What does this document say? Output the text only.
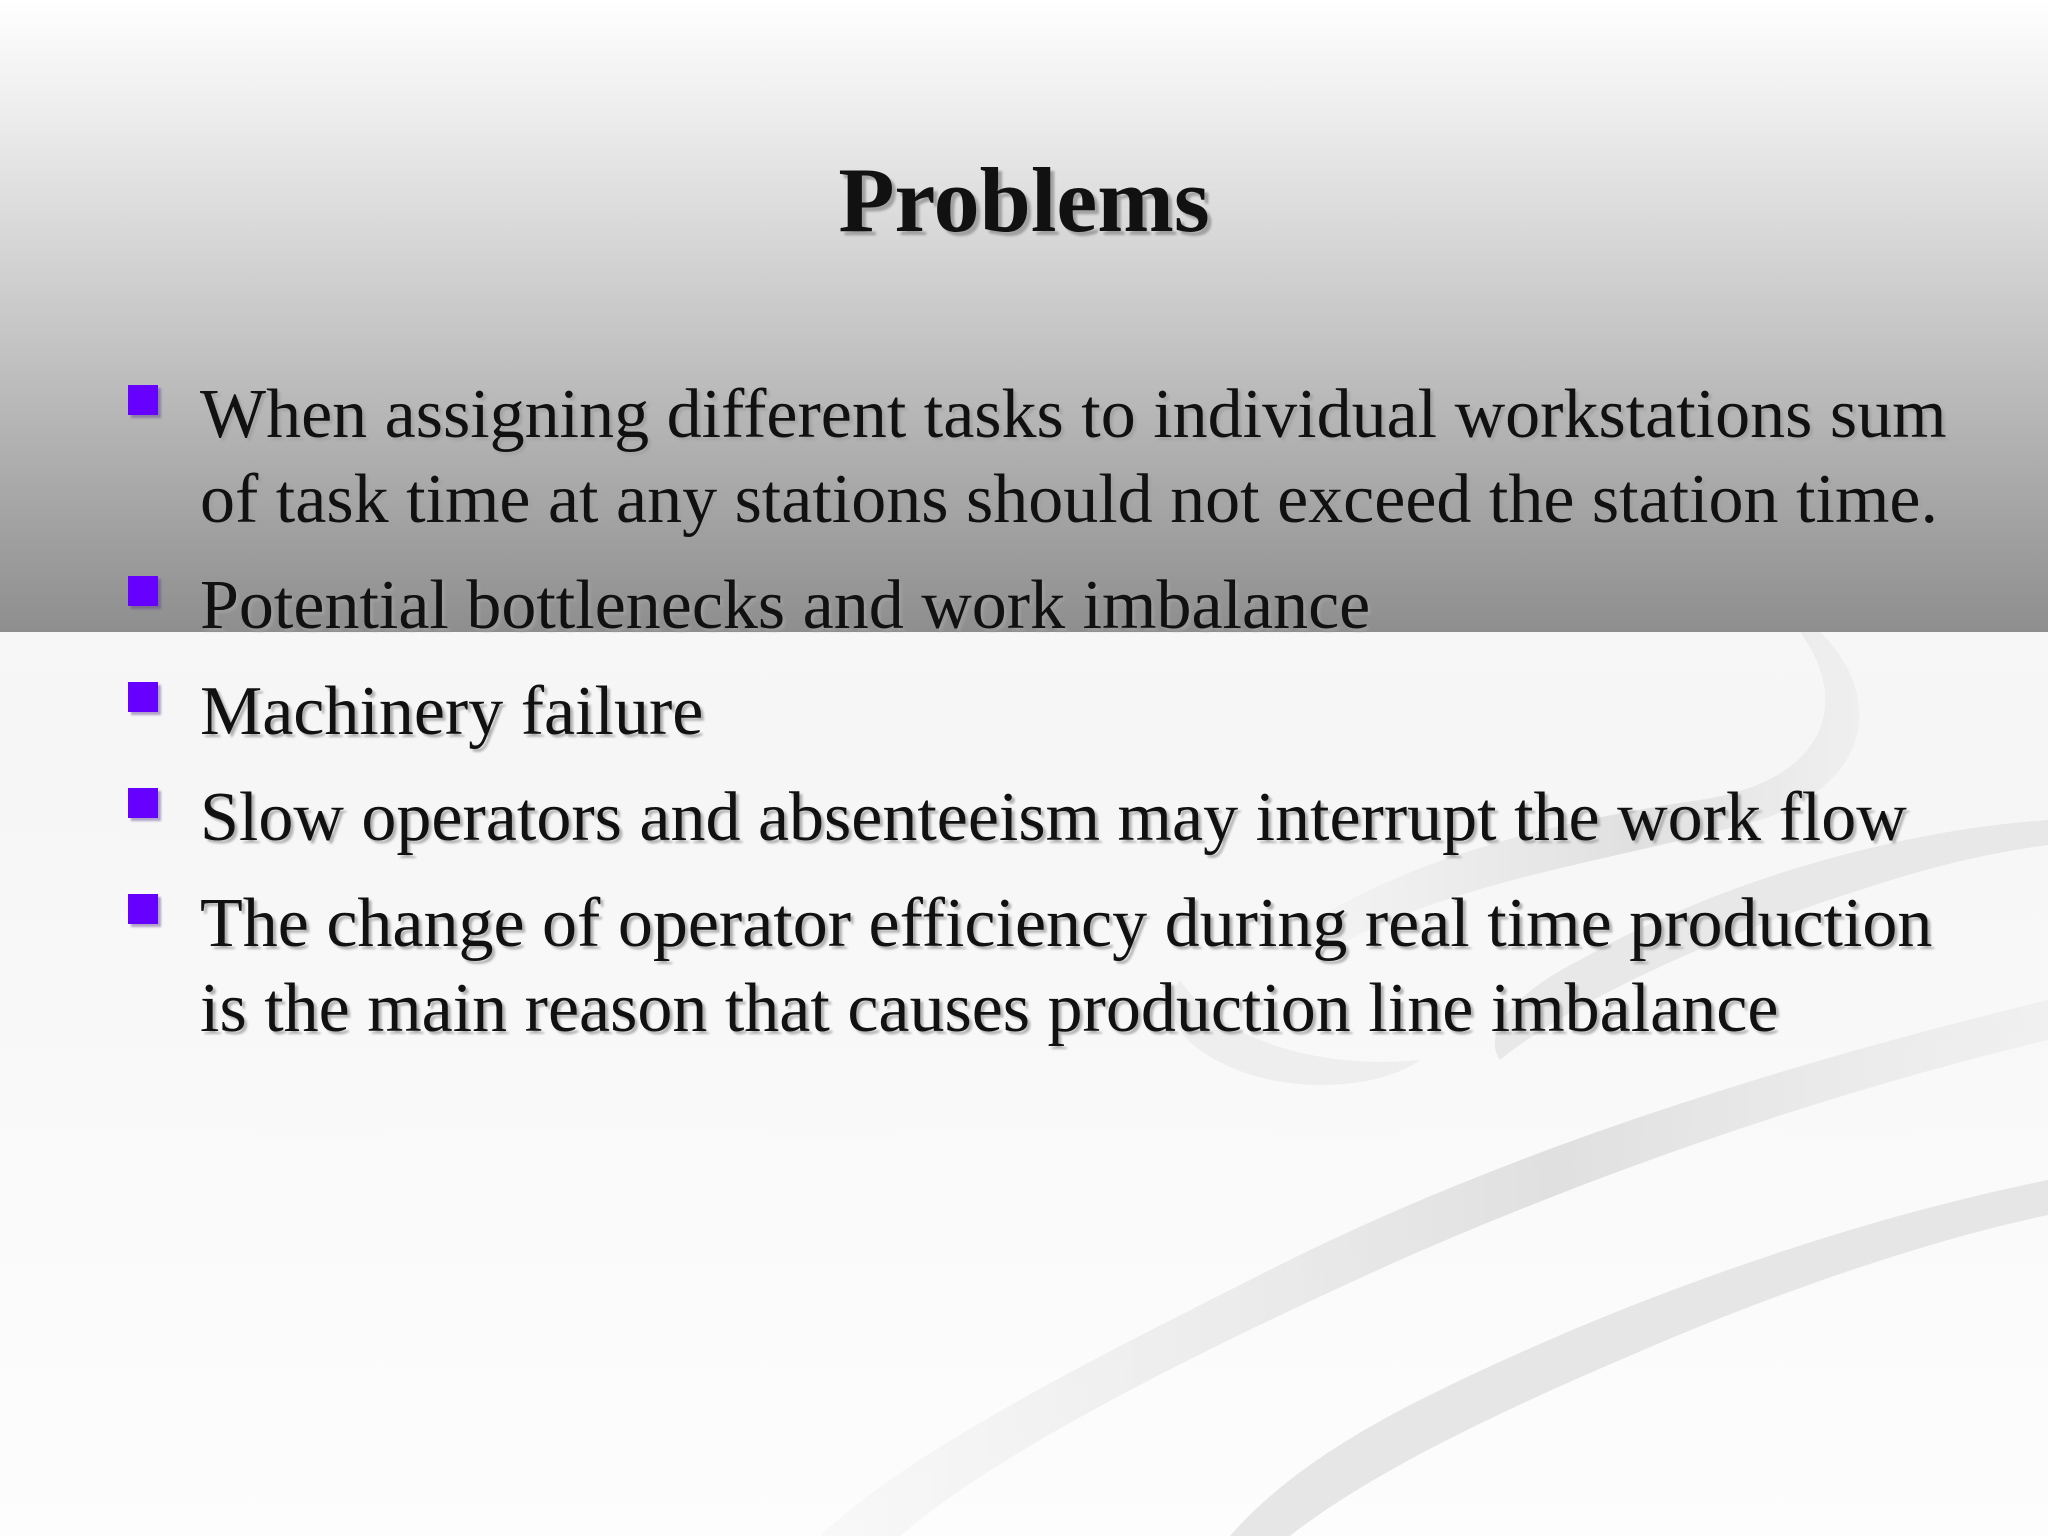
Problems
When assigning different tasks to individual workstations sum of task time at any stations should not exceed the station time.
Potential bottlenecks and work imbalance
Machinery failure
Slow operators and absenteeism may interrupt the work flow
The change of operator efficiency during real time production is the main reason that causes production line imbalance
